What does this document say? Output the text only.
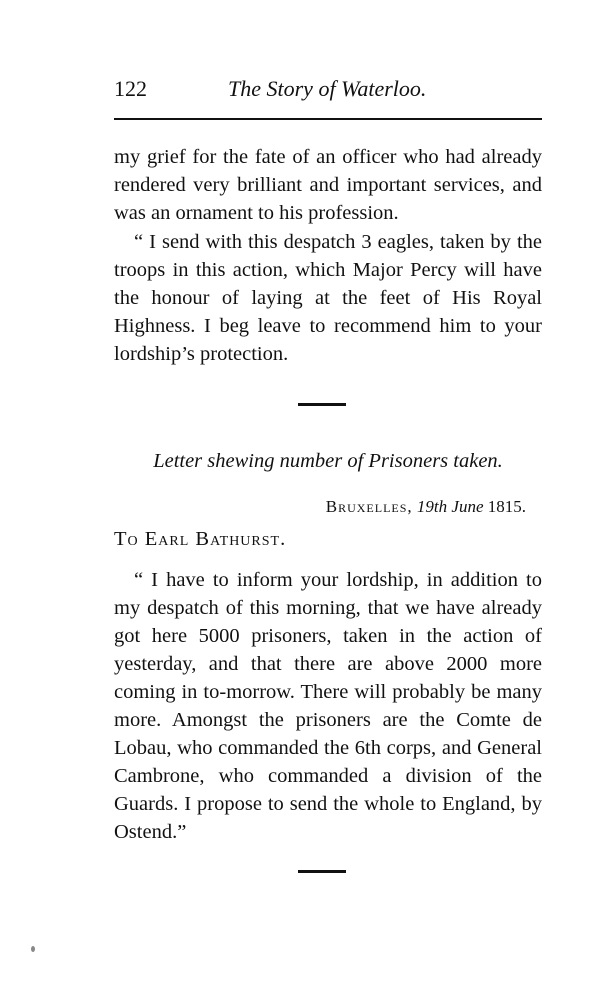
122	The Story of Waterloo.

my grief for the fate of an officer who had already rendered very brilliant and important services, and was an ornament to his profession.

“ I send with this despatch 3 eagles, taken by the troops in this action, which Major Percy will have the honour of laying at the feet of His Royal Highness. I beg leave to recommend him to your lordship’s protection.

Letter shewing number of Prisoners taken.
Bruxelles, 19th June 1815.
To Earl Bathurst.

“ I have to inform your lordship, in addition to my despatch of this morning, that we have already got here 5000 prisoners, taken in the action of yesterday, and that there are above 2000 more coming in to-morrow. There will probably be many more. Amongst the prisoners are the Comte de Lobau, who commanded the 6th corps, and General Cambrone, who commanded a division of the Guards. I propose to send the whole to England, by Ostend.”
